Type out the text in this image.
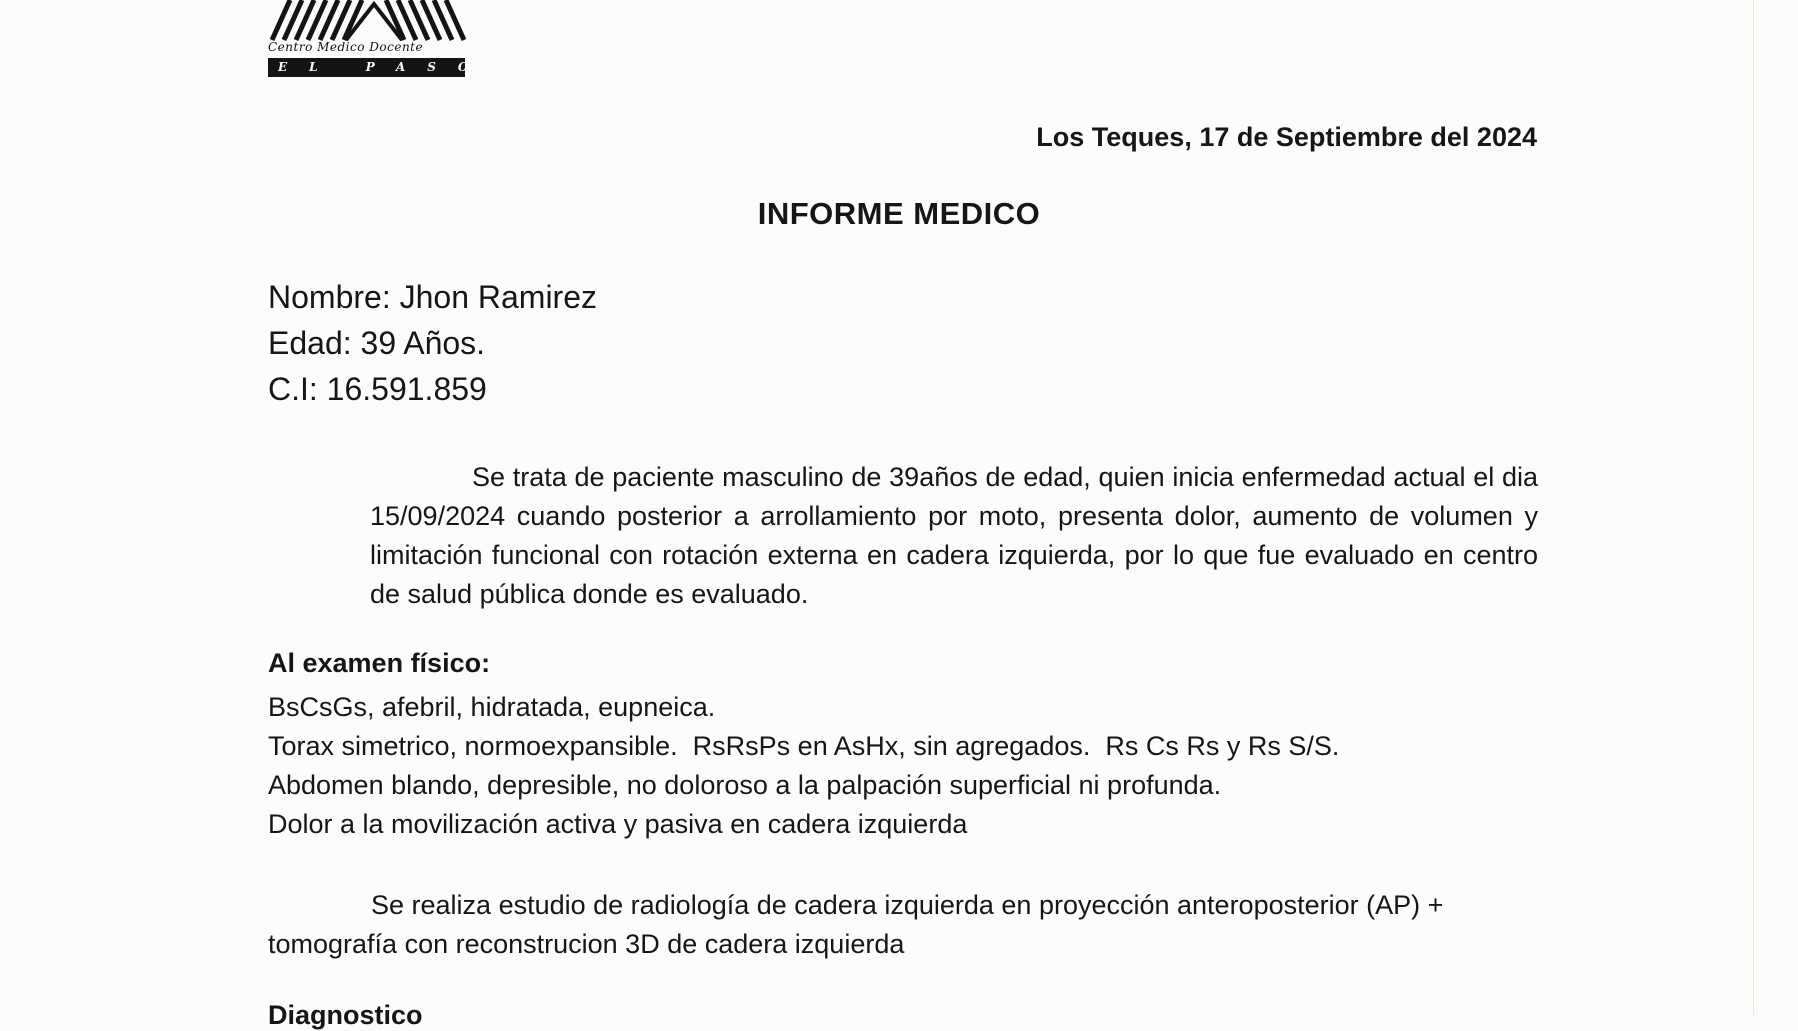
Centro Medico Docente
EL PASO
Los Teques, 17 de Septiembre del 2024
INFORME MEDICO
Nombre: Jhon Ramirez
Edad: 39 Años.
C.I: 16.591.859
Se trata de paciente masculino de 39años de edad, quien inicia enfermedad actual el dia 15/09/2024 cuando posterior a arrollamiento por moto, presenta dolor, aumento de volumen y limitación funcional con rotación externa en cadera izquierda, por lo que fue evaluado en centro de salud pública donde es evaluado.
Al examen físico:
BsCsGs, afebril, hidratada, eupneica.
Torax simetrico, normoexpansible.  RsRsPs en AsHx, sin agregados.  Rs Cs Rs y Rs S/S.
Abdomen blando, depresible, no doloroso a la palpación superficial ni profunda.
Dolor a la movilización activa y pasiva en cadera izquierda
Se realiza estudio de radiología de cadera izquierda en proyección anteroposterior (AP) + tomografía con reconstrucion 3D de cadera izquierda
Diagnostico
